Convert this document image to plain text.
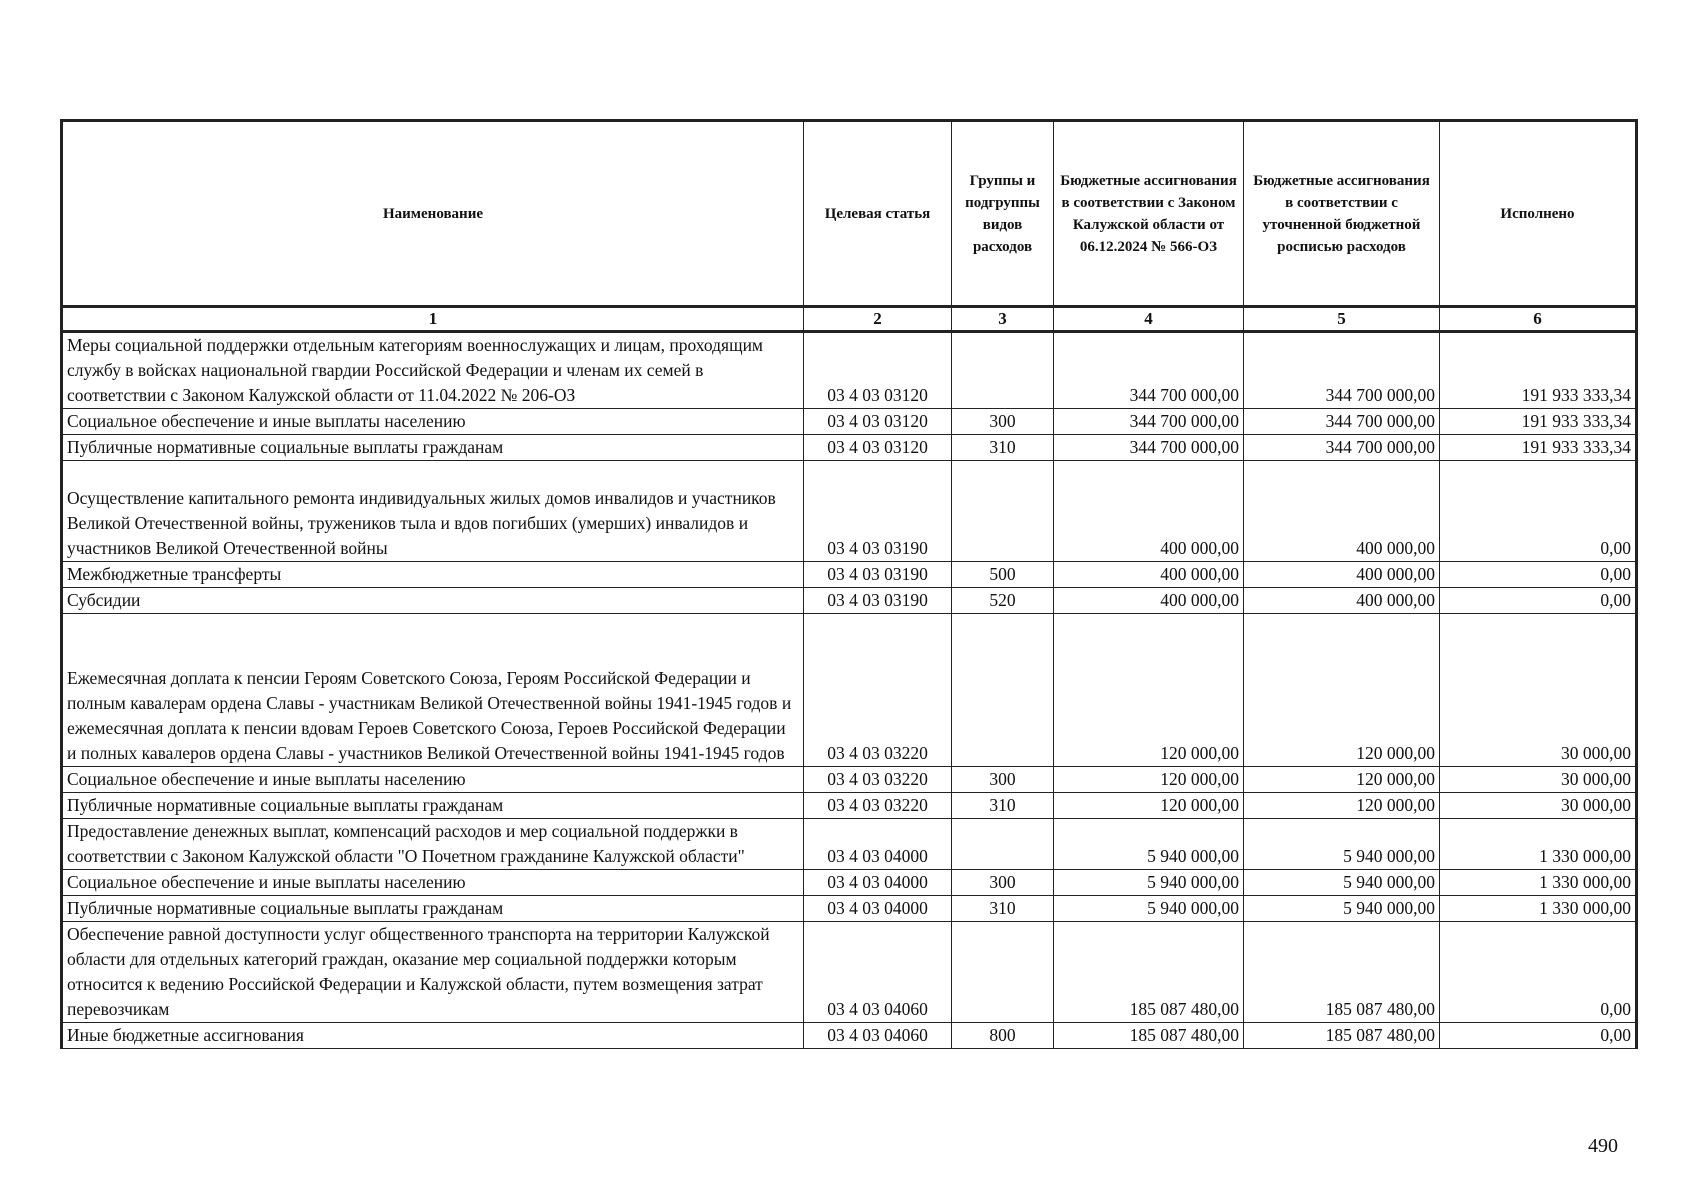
Наименование	Целевая статья	Группы и подгруппы видов расходов	Бюджетные ассигнования в соответствии с Законом Калужской области от 06.12.2024 № 566-ОЗ	Бюджетные ассигнования в соответствии с уточненной бюджетной росписью расходов	Исполнено
1	2	3	4	5	6
Меры социальной поддержки отдельным категориям военнослужащих и лицам, проходящим службу в войсках национальной гвардии Российской Федерации и членам их семей в соответствии с Законом Калужской области от 11.04.2022 № 206-ОЗ	03 4 03 03120		344 700 000,00	344 700 000,00	191 933 333,34
Социальное обеспечение и иные выплаты населению	03 4 03 03120	300	344 700 000,00	344 700 000,00	191 933 333,34
Публичные нормативные социальные выплаты гражданам	03 4 03 03120	310	344 700 000,00	344 700 000,00	191 933 333,34
Осуществление капитального ремонта индивидуальных жилых домов инвалидов и участников Великой Отечественной войны, тружеников тыла и вдов погибших (умерших) инвалидов и участников Великой Отечественной войны	03 4 03 03190		400 000,00	400 000,00	0,00
Межбюджетные трансферты	03 4 03 03190	500	400 000,00	400 000,00	0,00
Субсидии	03 4 03 03190	520	400 000,00	400 000,00	0,00
Ежемесячная доплата к пенсии Героям Советского Союза, Героям Российской Федерации и полным кавалерам ордена Славы - участникам Великой Отечественной войны 1941-1945 годов и ежемесячная доплата к пенсии вдовам Героев Советского Союза, Героев Российской Федерации и полных кавалеров ордена Славы - участников Великой Отечественной войны 1941-1945 годов	03 4 03 03220		120 000,00	120 000,00	30 000,00
Социальное обеспечение и иные выплаты населению	03 4 03 03220	300	120 000,00	120 000,00	30 000,00
Публичные нормативные социальные выплаты гражданам	03 4 03 03220	310	120 000,00	120 000,00	30 000,00
Предоставление денежных выплат, компенсаций расходов и мер социальной поддержки в соответствии с Законом Калужской области "О Почетном гражданине Калужской области"	03 4 03 04000		5 940 000,00	5 940 000,00	1 330 000,00
Социальное обеспечение и иные выплаты населению	03 4 03 04000	300	5 940 000,00	5 940 000,00	1 330 000,00
Публичные нормативные социальные выплаты гражданам	03 4 03 04000	310	5 940 000,00	5 940 000,00	1 330 000,00
Обеспечение равной доступности услуг общественного транспорта на территории Калужской области для отдельных категорий граждан, оказание мер социальной поддержки которым относится к ведению Российской Федерации и Калужской области, путем возмещения затрат перевозчикам	03 4 03 04060		185 087 480,00	185 087 480,00	0,00
Иные бюджетные ассигнования	03 4 03 04060	800	185 087 480,00	185 087 480,00	0,00
490
